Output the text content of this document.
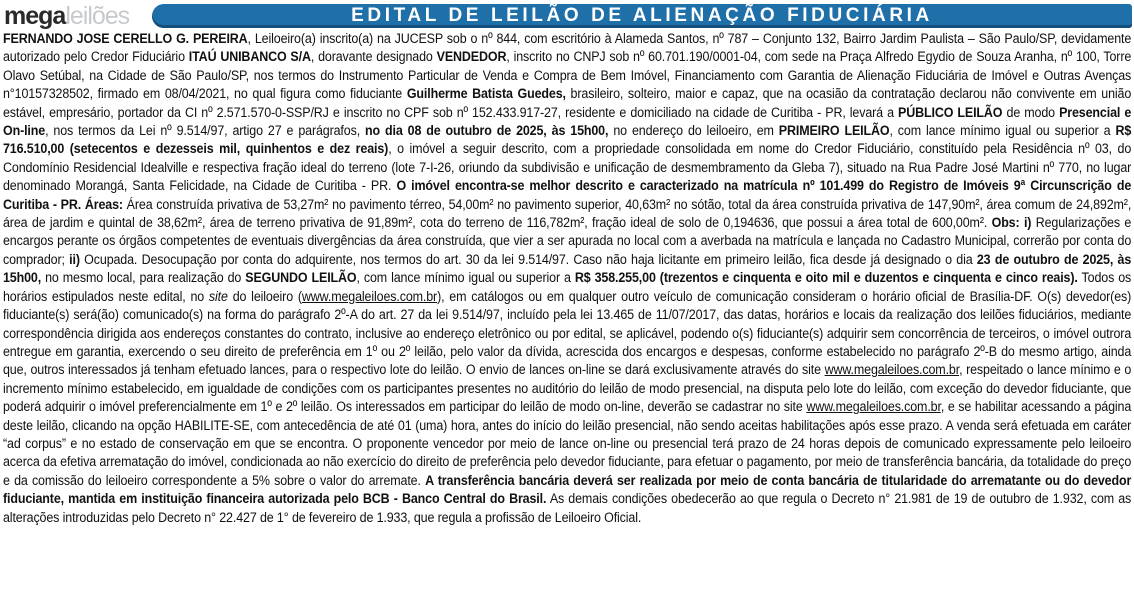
mega leilões	EDITAL DE LEILÃO DE ALIENAÇÃO FIDUCIÁRIA
FERNANDO JOSE CERELLO G. PEREIRA, Leiloeiro(a) inscrito(a) na JUCESP sob o nº 844, com escritório à Alameda Santos, nº 787 – Conjunto 132, Bairro Jardim Paulista – São Paulo/SP, devidamente autorizado pelo Credor Fiduciário ITAÚ UNIBANCO S/A, doravante designado VENDEDOR, inscrito no CNPJ sob nº 60.701.190/0001-04, com sede na Praça Alfredo Egydio de Souza Aranha, nº 100, Torre Olavo Setúbal, na Cidade de São Paulo/SP, nos termos do Instrumento Particular de Venda e Compra de Bem Imóvel, Financiamento com Garantia de Alienação Fiduciária de Imóvel e Outras Avenças n°10157328502, firmado em 08/04/2021, no qual figura como fiduciante Guilherme Batista Guedes, brasileiro, solteiro, maior e capaz, que na ocasião da contratação declarou não convivente em união estável, empresário, portador da CI nº 2.571.570-0-SSP/RJ e inscrito no CPF sob nº 152.433.917-27, residente e domiciliado na cidade de Curitiba - PR, levará a PÚBLICO LEILÃO de modo Presencial e On-line, nos termos da Lei nº 9.514/97, artigo 27 e parágrafos, no dia 08 de outubro de 2025, às 15h00, no endereço do leiloeiro, em PRIMEIRO LEILÃO, com lance mínimo igual ou superior a R$ 716.510,00 (setecentos e dezesseis mil, quinhentos e dez reais), o imóvel a seguir descrito, com a propriedade consolidada em nome do Credor Fiduciário, constituído pela Residência nº 03, do Condomínio Residencial Idealville e respectiva fração ideal do terreno (lote 7-I-26, oriundo da subdivisão e unificação de desmembramento da Gleba 7), situado na Rua Padre José Martini nº 770, no lugar denominado Morangá, Santa Felicidade, na Cidade de Curitiba - PR. O imóvel encontra-se melhor descrito e caracterizado na matrícula nº 101.499 do Registro de Imóveis 9ª Circunscrição de Curitiba - PR. Áreas: Área construída privativa de 53,27m² no pavimento térreo, 54,00m² no pavimento superior, 40,63m² no sótão, total da área construída privativa de 147,90m², área comum de 24,892m², área de jardim e quintal de 38,62m², área de terreno privativa de 91,89m², cota do terreno de 116,782m², fração ideal de solo de 0,194636, que possui a área total de 600,00m². Obs: i) Regularizações e encargos perante os órgãos competentes de eventuais divergências da área construída, que vier a ser apurada no local com a averbada na matrícula e lançada no Cadastro Municipal, correrão por conta do comprador; ii) Ocupada. Desocupação por conta do adquirente, nos termos do art. 30 da lei 9.514/97. Caso não haja licitante em primeiro leilão, fica desde já designado o dia 23 de outubro de 2025, às 15h00, no mesmo local, para realização do SEGUNDO LEILÃO, com lance mínimo igual ou superior a R$ 358.255,00 (trezentos e cinquenta e oito mil e duzentos e cinquenta e cinco reais). Todos os horários estipulados neste edital, no site do leiloeiro (www.megaleiloes.com.br), em catálogos ou em qualquer outro veículo de comunicação consideram o horário oficial de Brasília-DF. O(s) devedor(es) fiduciante(s) será(ão) comunicado(s) na forma do parágrafo 2º-A do art. 27 da lei 9.514/97, incluído pela lei 13.465 de 11/07/2017, das datas, horários e locais da realização dos leilões fiduciários, mediante correspondência dirigida aos endereços constantes do contrato, inclusive ao endereço eletrônico ou por edital, se aplicável, podendo o(s) fiduciante(s) adquirir sem concorrência de terceiros, o imóvel outrora entregue em garantia, exercendo o seu direito de preferência em 1º ou 2º leilão, pelo valor da dívida, acrescida dos encargos e despesas, conforme estabelecido no parágrafo 2º-B do mesmo artigo, ainda que, outros interessados já tenham efetuado lances, para o respectivo lote do leilão. O envio de lances on-line se dará exclusivamente através do site www.megaleiloes.com.br, respeitado o lance mínimo e o incremento mínimo estabelecido, em igualdade de condições com os participantes presentes no auditório do leilão de modo presencial, na disputa pelo lote do leilão, com exceção do devedor fiduciante, que poderá adquirir o imóvel preferencialmente em 1º e 2º leilão. Os interessados em participar do leilão de modo on-line, deverão se cadastrar no site www.megaleiloes.com.br, e se habilitar acessando a página deste leilão, clicando na opção HABILITE-SE, com antecedência de até 01 (uma) hora, antes do início do leilão presencial, não sendo aceitas habilitações após esse prazo. A venda será efetuada em caráter “ad corpus” e no estado de conservação em que se encontra. O proponente vencedor por meio de lance on-line ou presencial terá prazo de 24 horas depois de comunicado expressamente pelo leiloeiro acerca da efetiva arrematação do imóvel, condicionada ao não exercício do direito de preferência pelo devedor fiduciante, para efetuar o pagamento, por meio de transferência bancária, da totalidade do preço e da comissão do leiloeiro correspondente a 5% sobre o valor do arremate. A transferência bancária deverá ser realizada por meio de conta bancária de titularidade do arrematante ou do devedor fiduciante, mantida em instituição financeira autorizada pelo BCB - Banco Central do Brasil. As demais condições obedecerão ao que regula o Decreto n° 21.981 de 19 de outubro de 1.932, com as alterações introduzidas pelo Decreto n° 22.427 de 1° de fevereiro de 1.933, que regula a profissão de Leiloeiro Oficial.
